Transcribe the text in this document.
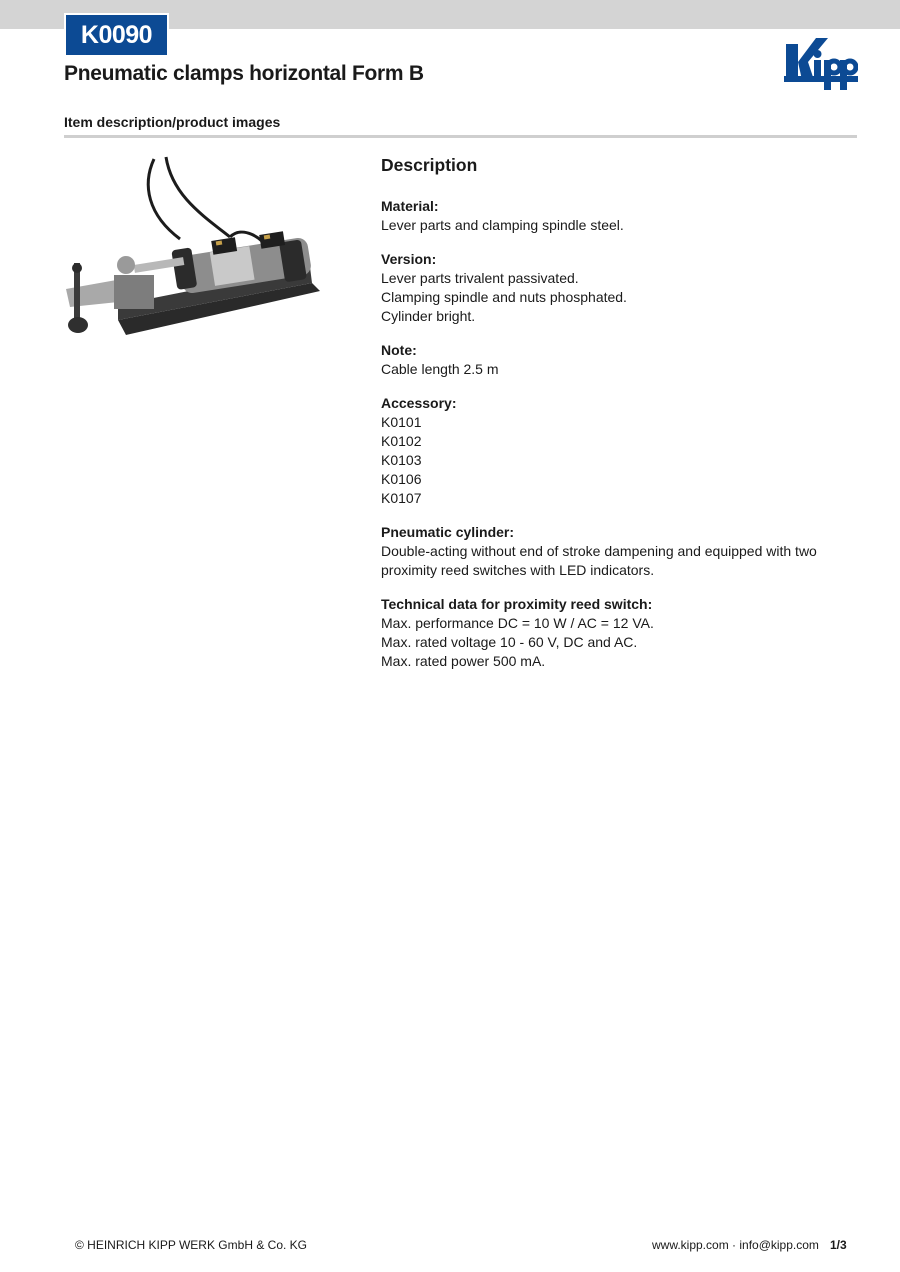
K0090
Pneumatic clamps horizontal Form B
Item description/product images
Description
Material:
Lever parts and clamping spindle steel.
Version:
Lever parts trivalent passivated.
Clamping spindle and nuts phosphated.
Cylinder bright.
Note:
Cable length 2.5 m
Accessory:
K0101
K0102
K0103
K0106
K0107
Pneumatic cylinder:
Double-acting without end of stroke dampening and equipped with two proximity reed switches with LED indicators.
Technical data for proximity reed switch:
Max. performance DC = 10 W / AC = 12 VA.
Max. rated voltage 10 - 60 V, DC and AC.
Max. rated power 500 mA.
© HEINRICH KIPP WERK GmbH & Co. KG	www.kipp.com · info@kipp.com 1/3
